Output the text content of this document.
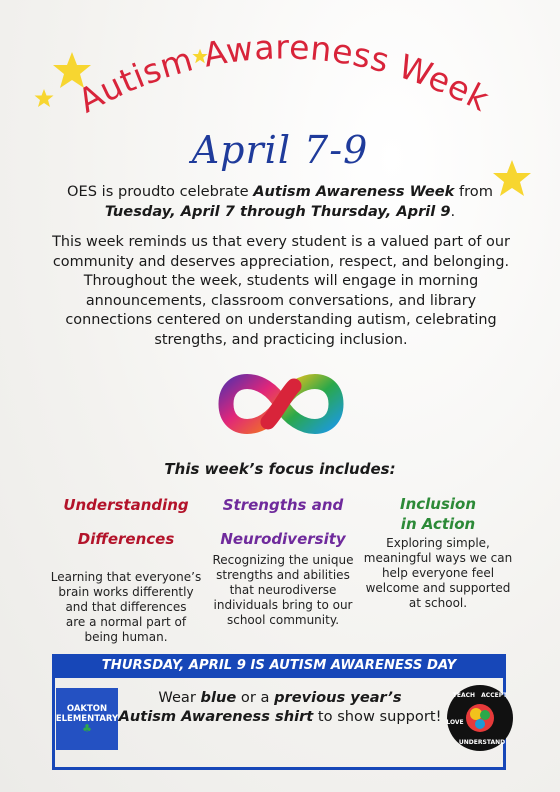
Autism Awareness Week
April 7-9
OES is proudto celebrate Autism Awareness Week from
Tuesday, April 7 through Thursday, April 9.
This week reminds us that every student is a valued part of our
community and deserves appreciation, respect, and belonging.
Throughout the week, students will engage in morning
announcements, classroom conversations, and library
connections centered on understanding autism, celebrating
strengths, and practicing inclusion.
This week’s focus includes:
Understanding
Differences
Learning that everyone’s
brain works differently
and that differences
are a normal part of
being human.
Strengths and
Neurodiversity
Recognizing the unique
strengths and abilities
that neurodiverse
individuals bring to our
school community.
Inclusion
in Action
Exploring simple,
meaningful ways we can
help everyone feel
welcome and supported
at school.
THURSDAY, APRIL 9 IS AUTISM AWARENESS DAY
OAKTON
ELEMENTARY
♣
Wear blue or a previous year’s
Autism Awareness shirt to show support!
TEACH ACCEPT
LOVE
UNDERSTAND
